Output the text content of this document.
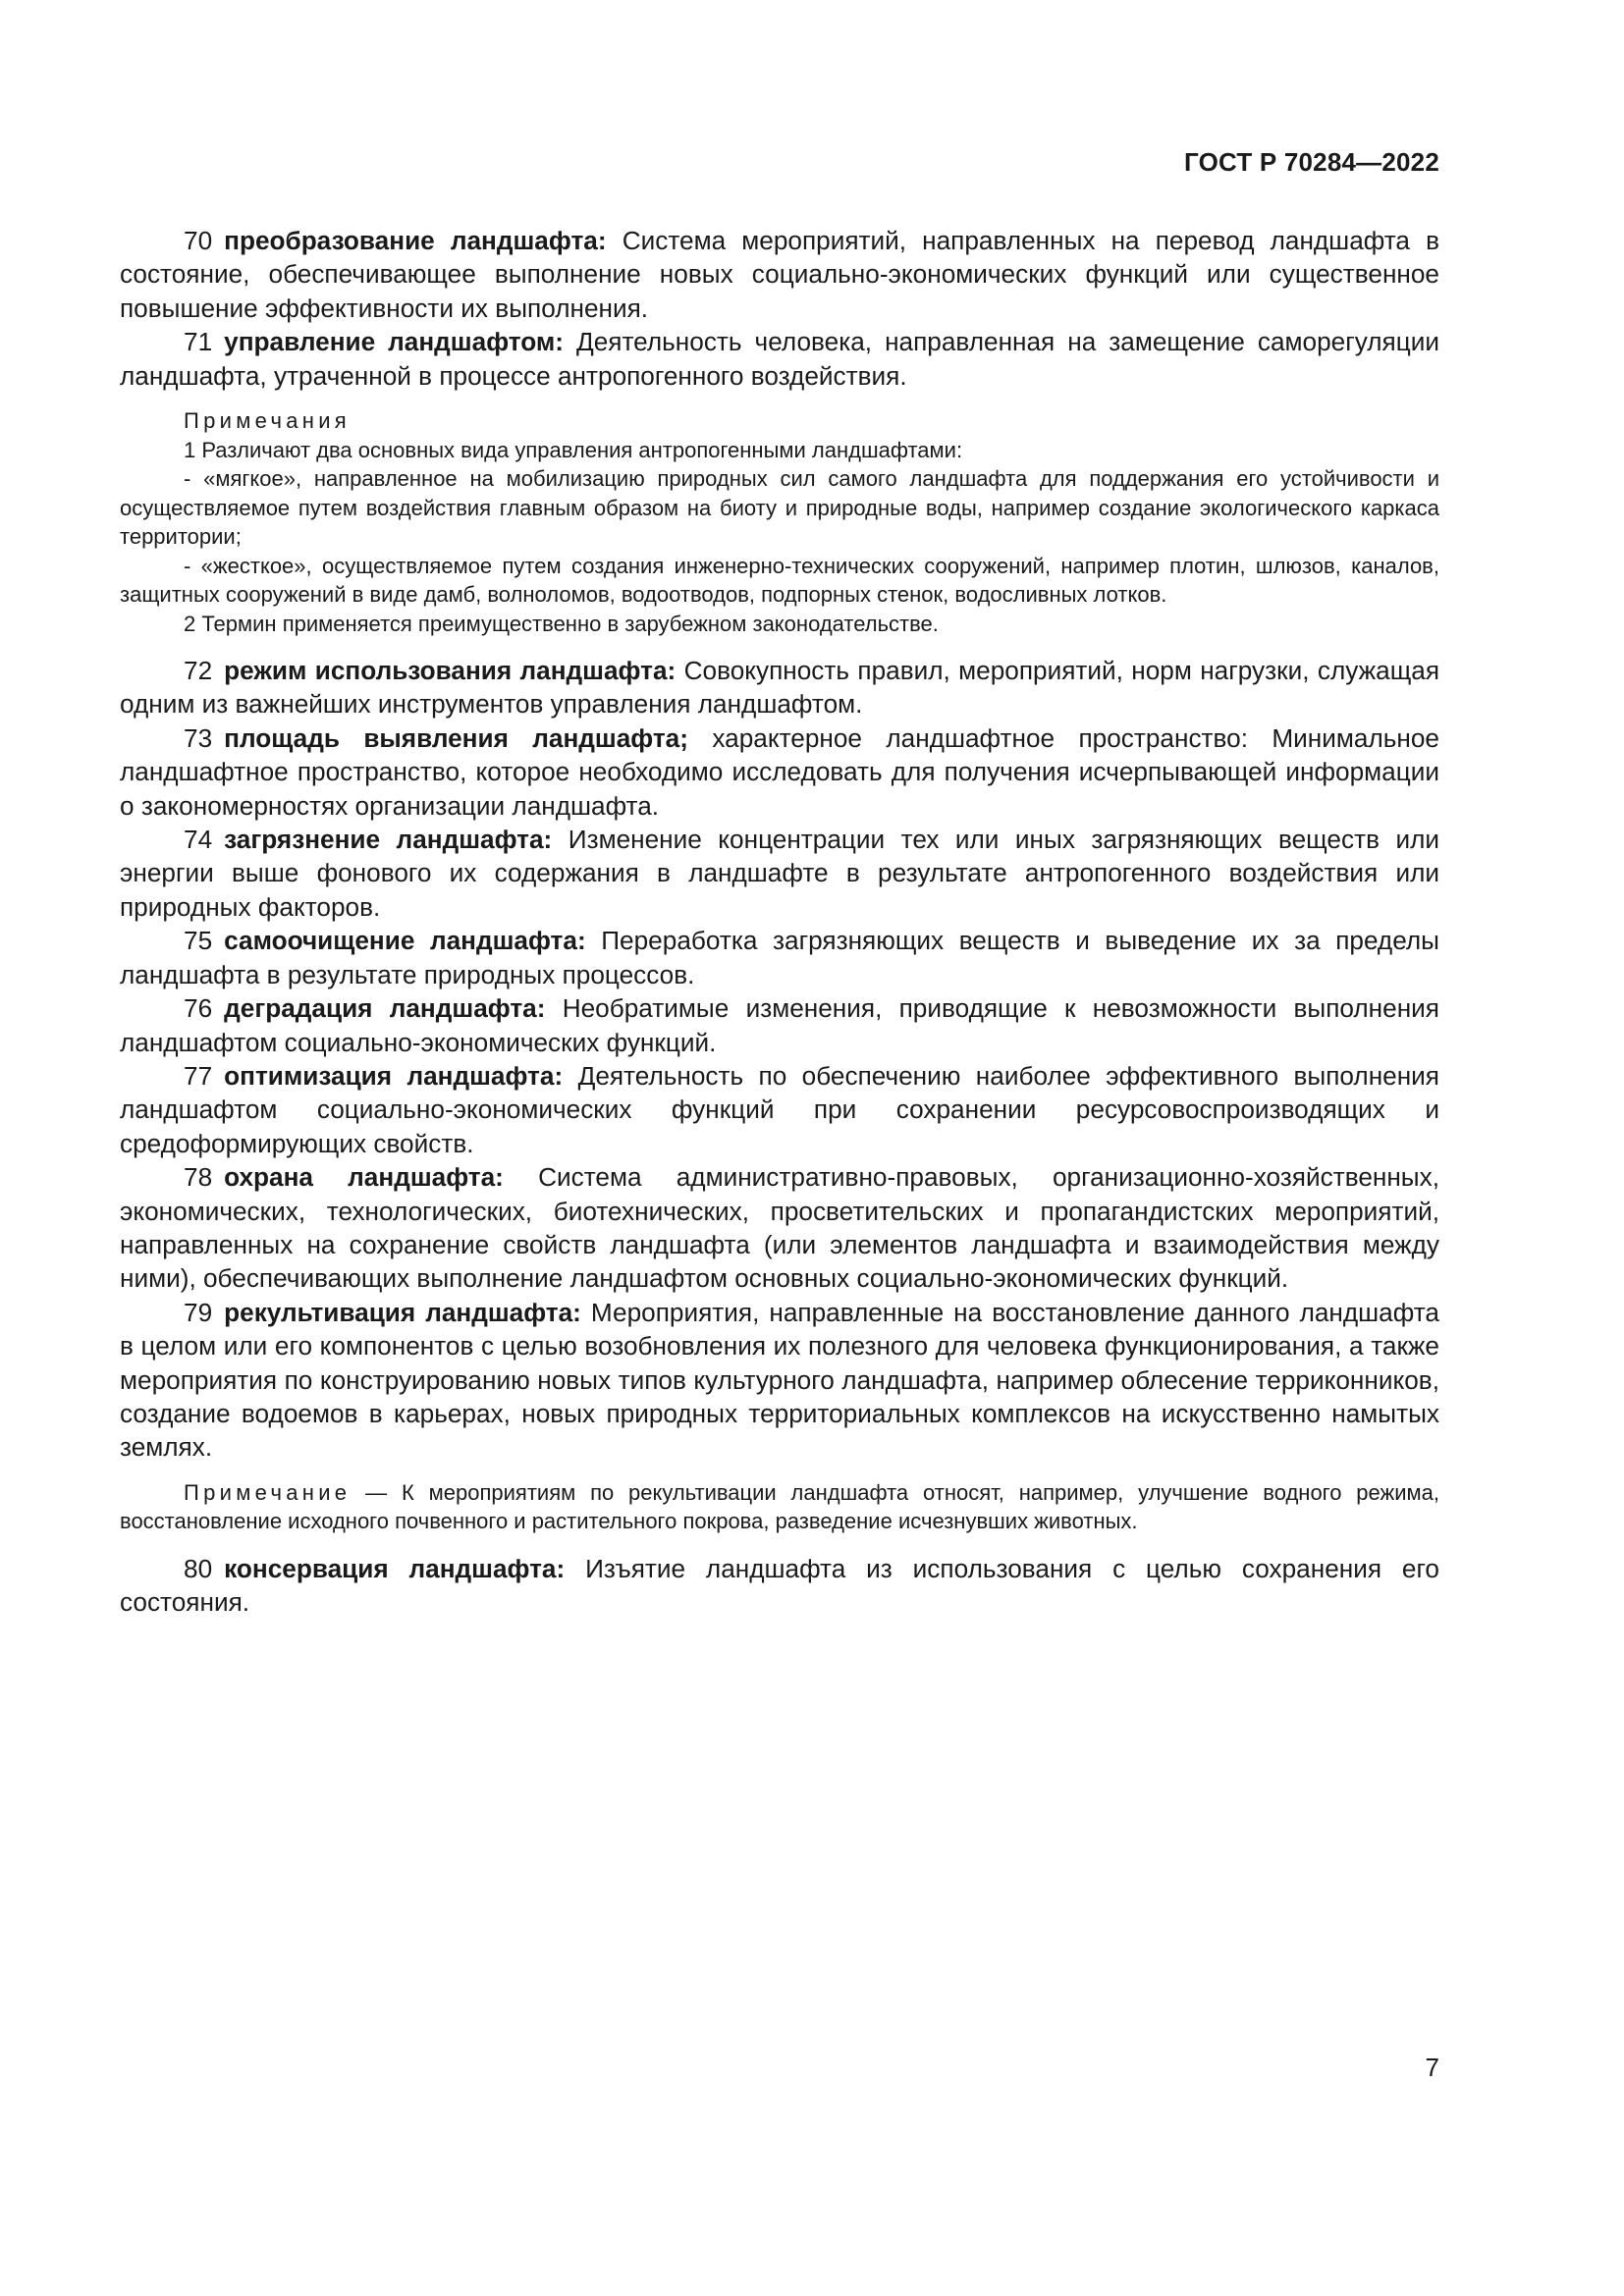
ГОСТ Р 70284—2022

70 преобразование ландшафта: Система мероприятий, направленных на перевод ландшафта в состояние, обеспечивающее выполнение новых социально-экономических функций или существенное повышение эффективности их выполнения.

71 управление ландшафтом: Деятельность человека, направленная на замещение саморегуляции ландшафта, утраченной в процессе антропогенного воздействия.

Примечания

1 Различают два основных вида управления антропогенными ландшафтами:

- «мягкое», направленное на мобилизацию природных сил самого ландшафта для поддержания его устойчивости и осуществляемое путем воздействия главным образом на биоту и природные воды, например создание экологического каркаса территории;

- «жесткое», осуществляемое путем создания инженерно-технических сооружений, например плотин, шлюзов, каналов, защитных сооружений в виде дамб, волноломов, водоотводов, подпорных стенок, водосливных лотков.

2 Термин применяется преимущественно в зарубежном законодательстве.

72 режим использования ландшафта: Совокупность правил, мероприятий, норм нагрузки, служащая одним из важнейших инструментов управления ландшафтом.

73 площадь выявления ландшафта; характерное ландшафтное пространство: Минимальное ландшафтное пространство, которое необходимо исследовать для получения исчерпывающей информации о закономерностях организации ландшафта.

74 загрязнение ландшафта: Изменение концентрации тех или иных загрязняющих веществ или энергии выше фонового их содержания в ландшафте в результате антропогенного воздействия или природных факторов.

75 самоочищение ландшафта: Переработка загрязняющих веществ и выведение их за пределы ландшафта в результате природных процессов.

76 деградация ландшафта: Необратимые изменения, приводящие к невозможности выполнения ландшафтом социально-экономических функций.

77 оптимизация ландшафта: Деятельность по обеспечению наиболее эффективного выполнения ландшафтом социально-экономических функций при сохранении ресурсовоспроизводящих и средоформирующих свойств.

78 охрана ландшафта: Система административно-правовых, организационно-хозяйственных, экономических, технологических, биотехнических, просветительских и пропагандистских мероприятий, направленных на сохранение свойств ландшафта (или элементов ландшафта и взаимодействия между ними), обеспечивающих выполнение ландшафтом основных социально-экономических функций.

79 рекультивация ландшафта: Мероприятия, направленные на восстановление данного ландшафта в целом или его компонентов с целью возобновления их полезного для человека функционирования, а также мероприятия по конструированию новых типов культурного ландшафта, например облесение терриконников, создание водоемов в карьерах, новых природных территориальных комплексов на искусственно намытых землях.

Примечание — К мероприятиям по рекультивации ландшафта относят, например, улучшение водного режима, восстановление исходного почвенного и растительного покрова, разведение исчезнувших животных.

80 консервация ландшафта: Изъятие ландшафта из использования с целью сохранения его состояния.

7
